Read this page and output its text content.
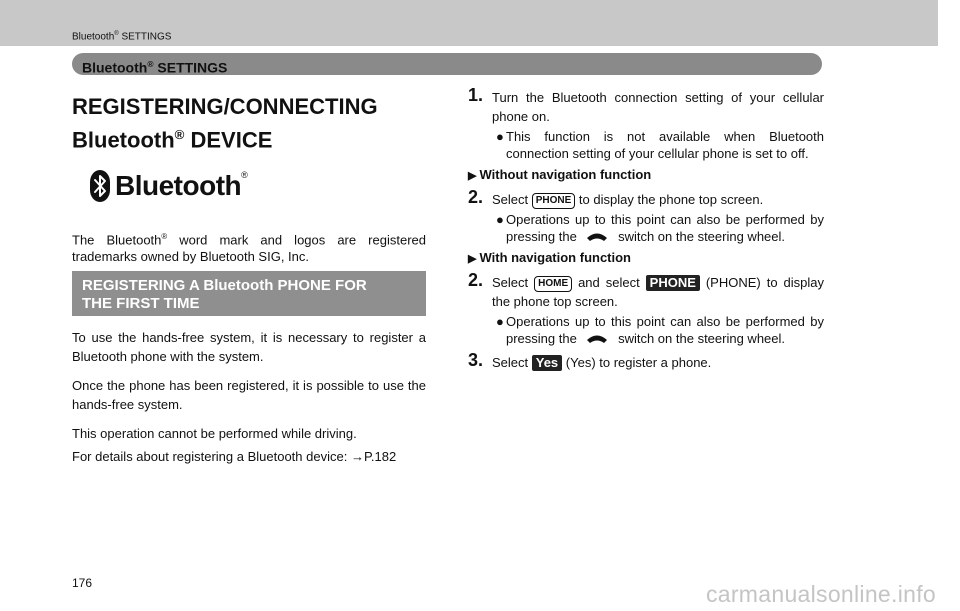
Bluetooth® SETTINGS
Bluetooth® SETTINGS
REGISTERING/CONNECTING
Bluetooth® DEVICE
Bluetooth ®
The Bluetooth® word mark and logos are registered trademarks owned by Bluetooth SIG, Inc.
REGISTERING A Bluetooth PHONE FOR
THE FIRST TIME

To use the hands-free system, it is necessary to register a Bluetooth phone with the system.

Once the phone has been registered, it is possible to use the hands-free system.

This operation cannot be performed while driving.

For details about registering a Bluetooth device: →P.182

1. Turn the Bluetooth connection setting of your cellular phone on.
● This function is not available when Bluetooth connection setting of your cellular phone is set to off.
▶ Without navigation function
2. Select PHONE to display the phone top screen.
● Operations up to this point can also be performed by pressing the	switch on the steering wheel.
▶ With navigation function
2. Select HOME and select PHONE (PHONE) to display the phone top screen.
● Operations up to this point can also be performed by pressing the	switch on the steering wheel.
3. Select Yes (Yes) to register a phone.
176	carmanualsonline.info
